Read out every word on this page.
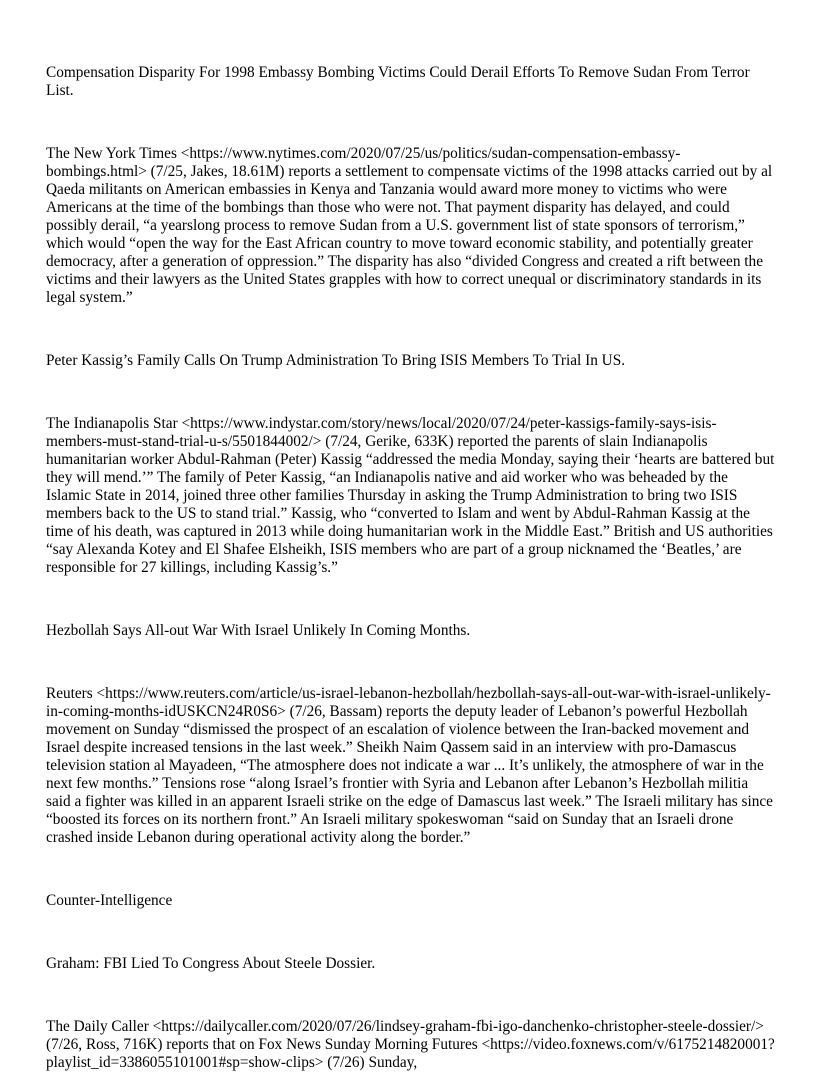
Compensation Disparity For 1998 Embassy Bombing Victims Could Derail Efforts To Remove Sudan From Terror List.

The New York Times <https://www.nytimes.com/2020/07/25/us/politics/sudan-compensation-embassy-bombings.html> (7/25, Jakes, 18.61M) reports a settlement to compensate victims of the 1998 attacks carried out by al Qaeda militants on American embassies in Kenya and Tanzania would award more money to victims who were Americans at the time of the bombings than those who were not. That payment disparity has delayed, and could possibly derail, “a yearslong process to remove Sudan from a U.S. government list of state sponsors of terrorism,” which would “open the way for the East African country to move toward economic stability, and potentially greater democracy, after a generation of oppression.” The disparity has also “divided Congress and created a rift between the victims and their lawyers as the United States grapples with how to correct unequal or discriminatory standards in its legal system.”

Peter Kassig’s Family Calls On Trump Administration To Bring ISIS Members To Trial In US.

The Indianapolis Star <https://www.indystar.com/story/news/local/2020/07/24/peter-kassigs-family-says-isis-members-must-stand-trial-u-s/5501844002/> (7/24, Gerike, 633K) reported the parents of slain Indianapolis humanitarian worker Abdul-Rahman (Peter) Kassig “addressed the media Monday, saying their ‘hearts are battered but they will mend.’” The family of Peter Kassig, “an Indianapolis native and aid worker who was beheaded by the Islamic State in 2014, joined three other families Thursday in asking the Trump Administration to bring two ISIS members back to the US to stand trial.” Kassig, who “converted to Islam and went by Abdul-Rahman Kassig at the time of his death, was captured in 2013 while doing humanitarian work in the Middle East.” British and US authorities “say Alexanda Kotey and El Shafee Elsheikh, ISIS members who are part of a group nicknamed the ‘Beatles,’ are responsible for 27 killings, including Kassig’s.”

Hezbollah Says All-out War With Israel Unlikely In Coming Months.

Reuters <https://www.reuters.com/article/us-israel-lebanon-hezbollah/hezbollah-says-all-out-war-with-israel-unlikely-in-coming-months-idUSKCN24R0S6> (7/26, Bassam) reports the deputy leader of Lebanon’s powerful Hezbollah movement on Sunday “dismissed the prospect of an escalation of violence between the Iran-backed movement and Israel despite increased tensions in the last week.” Sheikh Naim Qassem said in an interview with pro-Damascus television station al Mayadeen, “The atmosphere does not indicate a war ... It’s unlikely, the atmosphere of war in the next few months.” Tensions rose “along Israel’s frontier with Syria and Lebanon after Lebanon’s Hezbollah militia said a fighter was killed in an apparent Israeli strike on the edge of Damascus last week.” The Israeli military has since “boosted its forces on its northern front.” An Israeli military spokeswoman “said on Sunday that an Israeli drone crashed inside Lebanon during operational activity along the border.”

Counter-Intelligence

Graham: FBI Lied To Congress About Steele Dossier.

The Daily Caller <https://dailycaller.com/2020/07/26/lindsey-graham-fbi-igo-danchenko-christopher-steele-dossier/> (7/26, Ross, 716K) reports that on Fox News Sunday Morning Futures <https://video.foxnews.com/v/6175214820001?playlist_id=3386055101001#sp=show-clips> (7/26) Sunday,
